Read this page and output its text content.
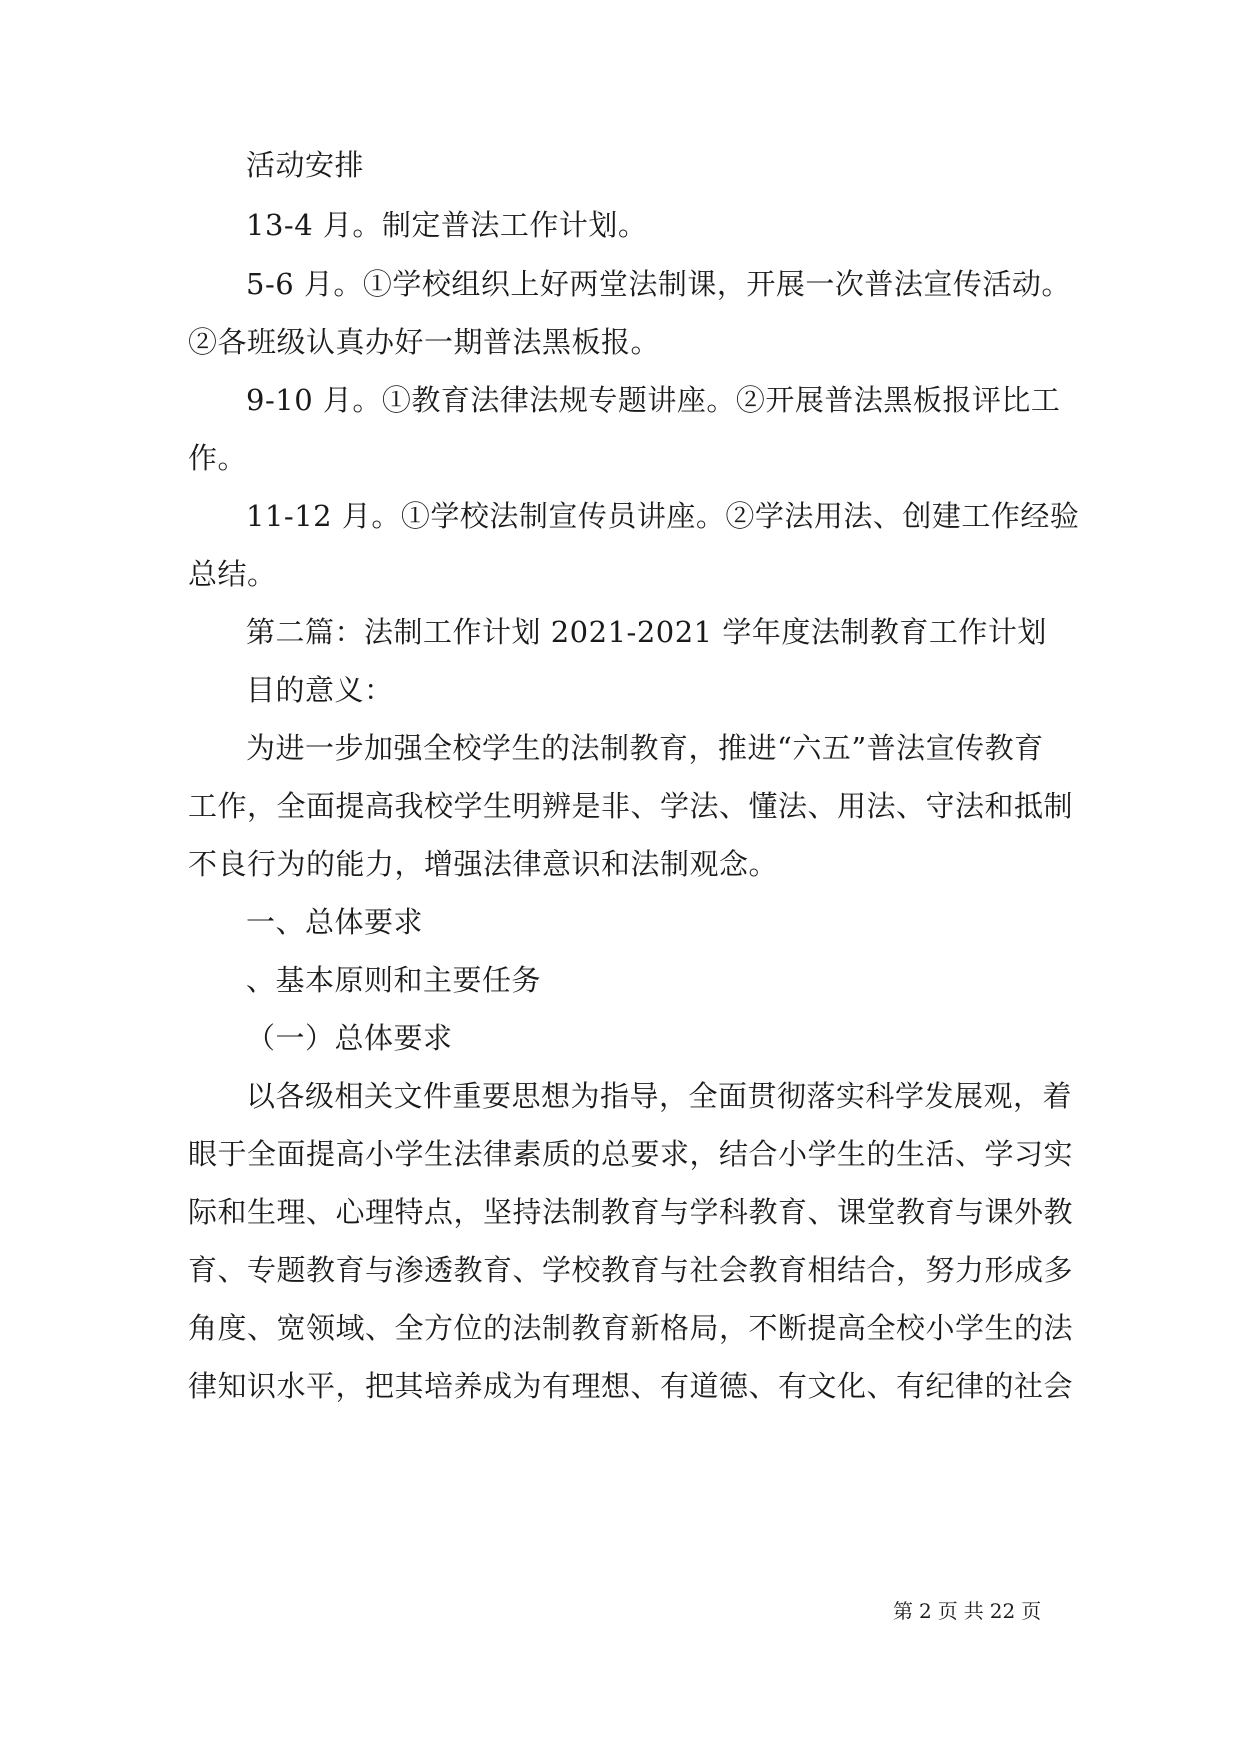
活动安排
13-4 月。制定普法工作计划。
5-6 月。①学校组织上好两堂法制课，开展一次普法宣传活动。
②各班级认真办好一期普法黑板报。
9-10 月。①教育法律法规专题讲座。②开展普法黑板报评比工
作。
11-12 月。①学校法制宣传员讲座。②学法用法、创建工作经验
总结。
第二篇：法制工作计划 2021-2021 学年度法制教育工作计划
目的意义：
为进一步加强全校学生的法制教育，推进“六五”普法宣传教育
工作，全面提高我校学生明辨是非、学法、懂法、用法、守法和抵制
不良行为的能力，增强法律意识和法制观念。
一、总体要求
、基本原则和主要任务
（一）总体要求
以各级相关文件重要思想为指导，全面贯彻落实科学发展观，着
眼于全面提高小学生法律素质的总要求，结合小学生的生活、学习实
际和生理、心理特点，坚持法制教育与学科教育、课堂教育与课外教
育、专题教育与渗透教育、学校教育与社会教育相结合，努力形成多
角度、宽领域、全方位的法制教育新格局，不断提高全校小学生的法
律知识水平，把其培养成为有理想、有道德、有文化、有纪律的社会
第 2 页 共 22 页
